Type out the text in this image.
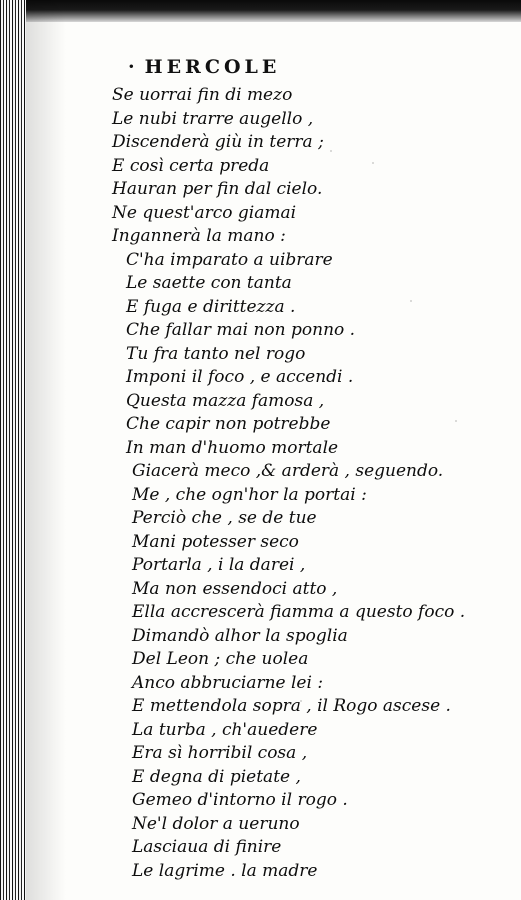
· HERCOLE
Se uorrai fin di mezo
Le nubi trarre augello ,
Discenderà giù in terra ;
E così certa preda
Hauran per fin dal cielo.
Ne quest'arco giamai
Ingannerà la mano :
C'ha imparato a uibrare
Le saette con tanta
E fuga e dirittezza .
Che fallar mai non ponno .
Tu fra tanto nel rogo
Imponi il foco , e accendi .
Questa mazza famosa ,
Che capir non potrebbe
In man d'huomo mortale
Giacerà meco ,& arderà , seguendo.
Me , che ogn'hor la portai :
Perciò che , se de tue
Mani potesser seco
Portarla , i la darei ,
Ma non essendoci atto ,
Ella accrescerà fiamma a questo foco .
Dimandò alhor la spoglia
Del Leon ; che uolea
Anco abbruciarne lei :
E mettendola sopra , il Rogo ascese .
La turba , ch'auedere
Era sì horribil cosa ,
E degna di pietate ,
Gemeo d'intorno il rogo .
Ne'l dolor a ueruno
Lasciaua di finire
Le lagrime . la madre
